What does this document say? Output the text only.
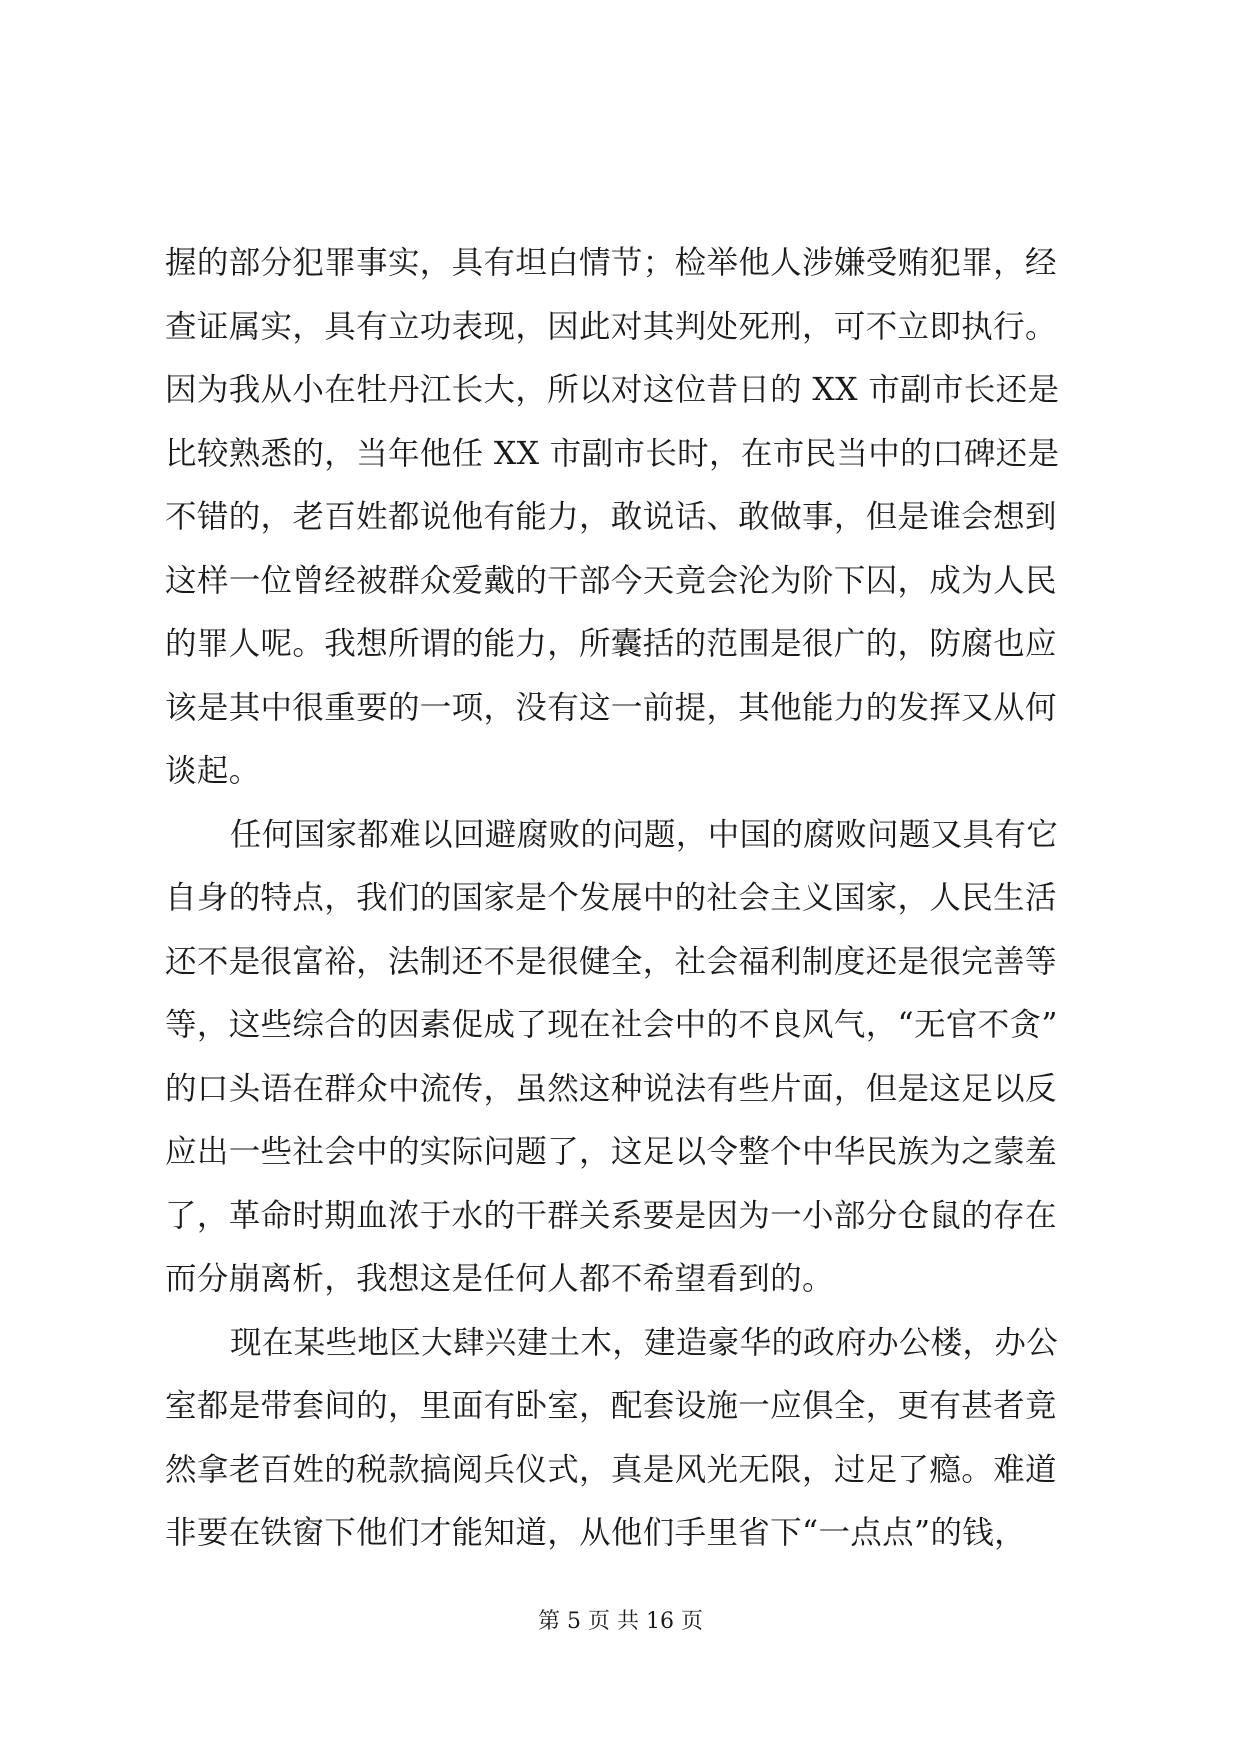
握的部分犯罪事实，具有坦白情节；检举他人涉嫌受贿犯罪，经
查证属实，具有立功表现，因此对其判处死刑，可不立即执行。
因为我从小在牡丹江长大，所以对这位昔日的 XX 市副市长还是
比较熟悉的，当年他任 XX 市副市长时，在市民当中的口碑还是
不错的，老百姓都说他有能力，敢说话、敢做事，但是谁会想到
这样一位曾经被群众爱戴的干部今天竟会沦为阶下囚，成为人民
的罪人呢。我想所谓的能力，所囊括的范围是很广的，防腐也应
该是其中很重要的一项，没有这一前提，其他能力的发挥又从何
谈起。
任何国家都难以回避腐败的问题，中国的腐败问题又具有它
自身的特点，我们的国家是个发展中的社会主义国家，人民生活
还不是很富裕，法制还不是很健全，社会福利制度还是很完善等
等，这些综合的因素促成了现在社会中的不良风气，“无官不贪”
的口头语在群众中流传，虽然这种说法有些片面，但是这足以反
应出一些社会中的实际问题了，这足以令整个中华民族为之蒙羞
了，革命时期血浓于水的干群关系要是因为一小部分仓鼠的存在
而分崩离析，我想这是任何人都不希望看到的。
现在某些地区大肆兴建土木，建造豪华的政府办公楼，办公
室都是带套间的，里面有卧室，配套设施一应俱全，更有甚者竟
然拿老百姓的税款搞阅兵仪式，真是风光无限，过足了瘾。难道
非要在铁窗下他们才能知道，从他们手里省下“一点点”的钱，
第 5 页 共 16 页
